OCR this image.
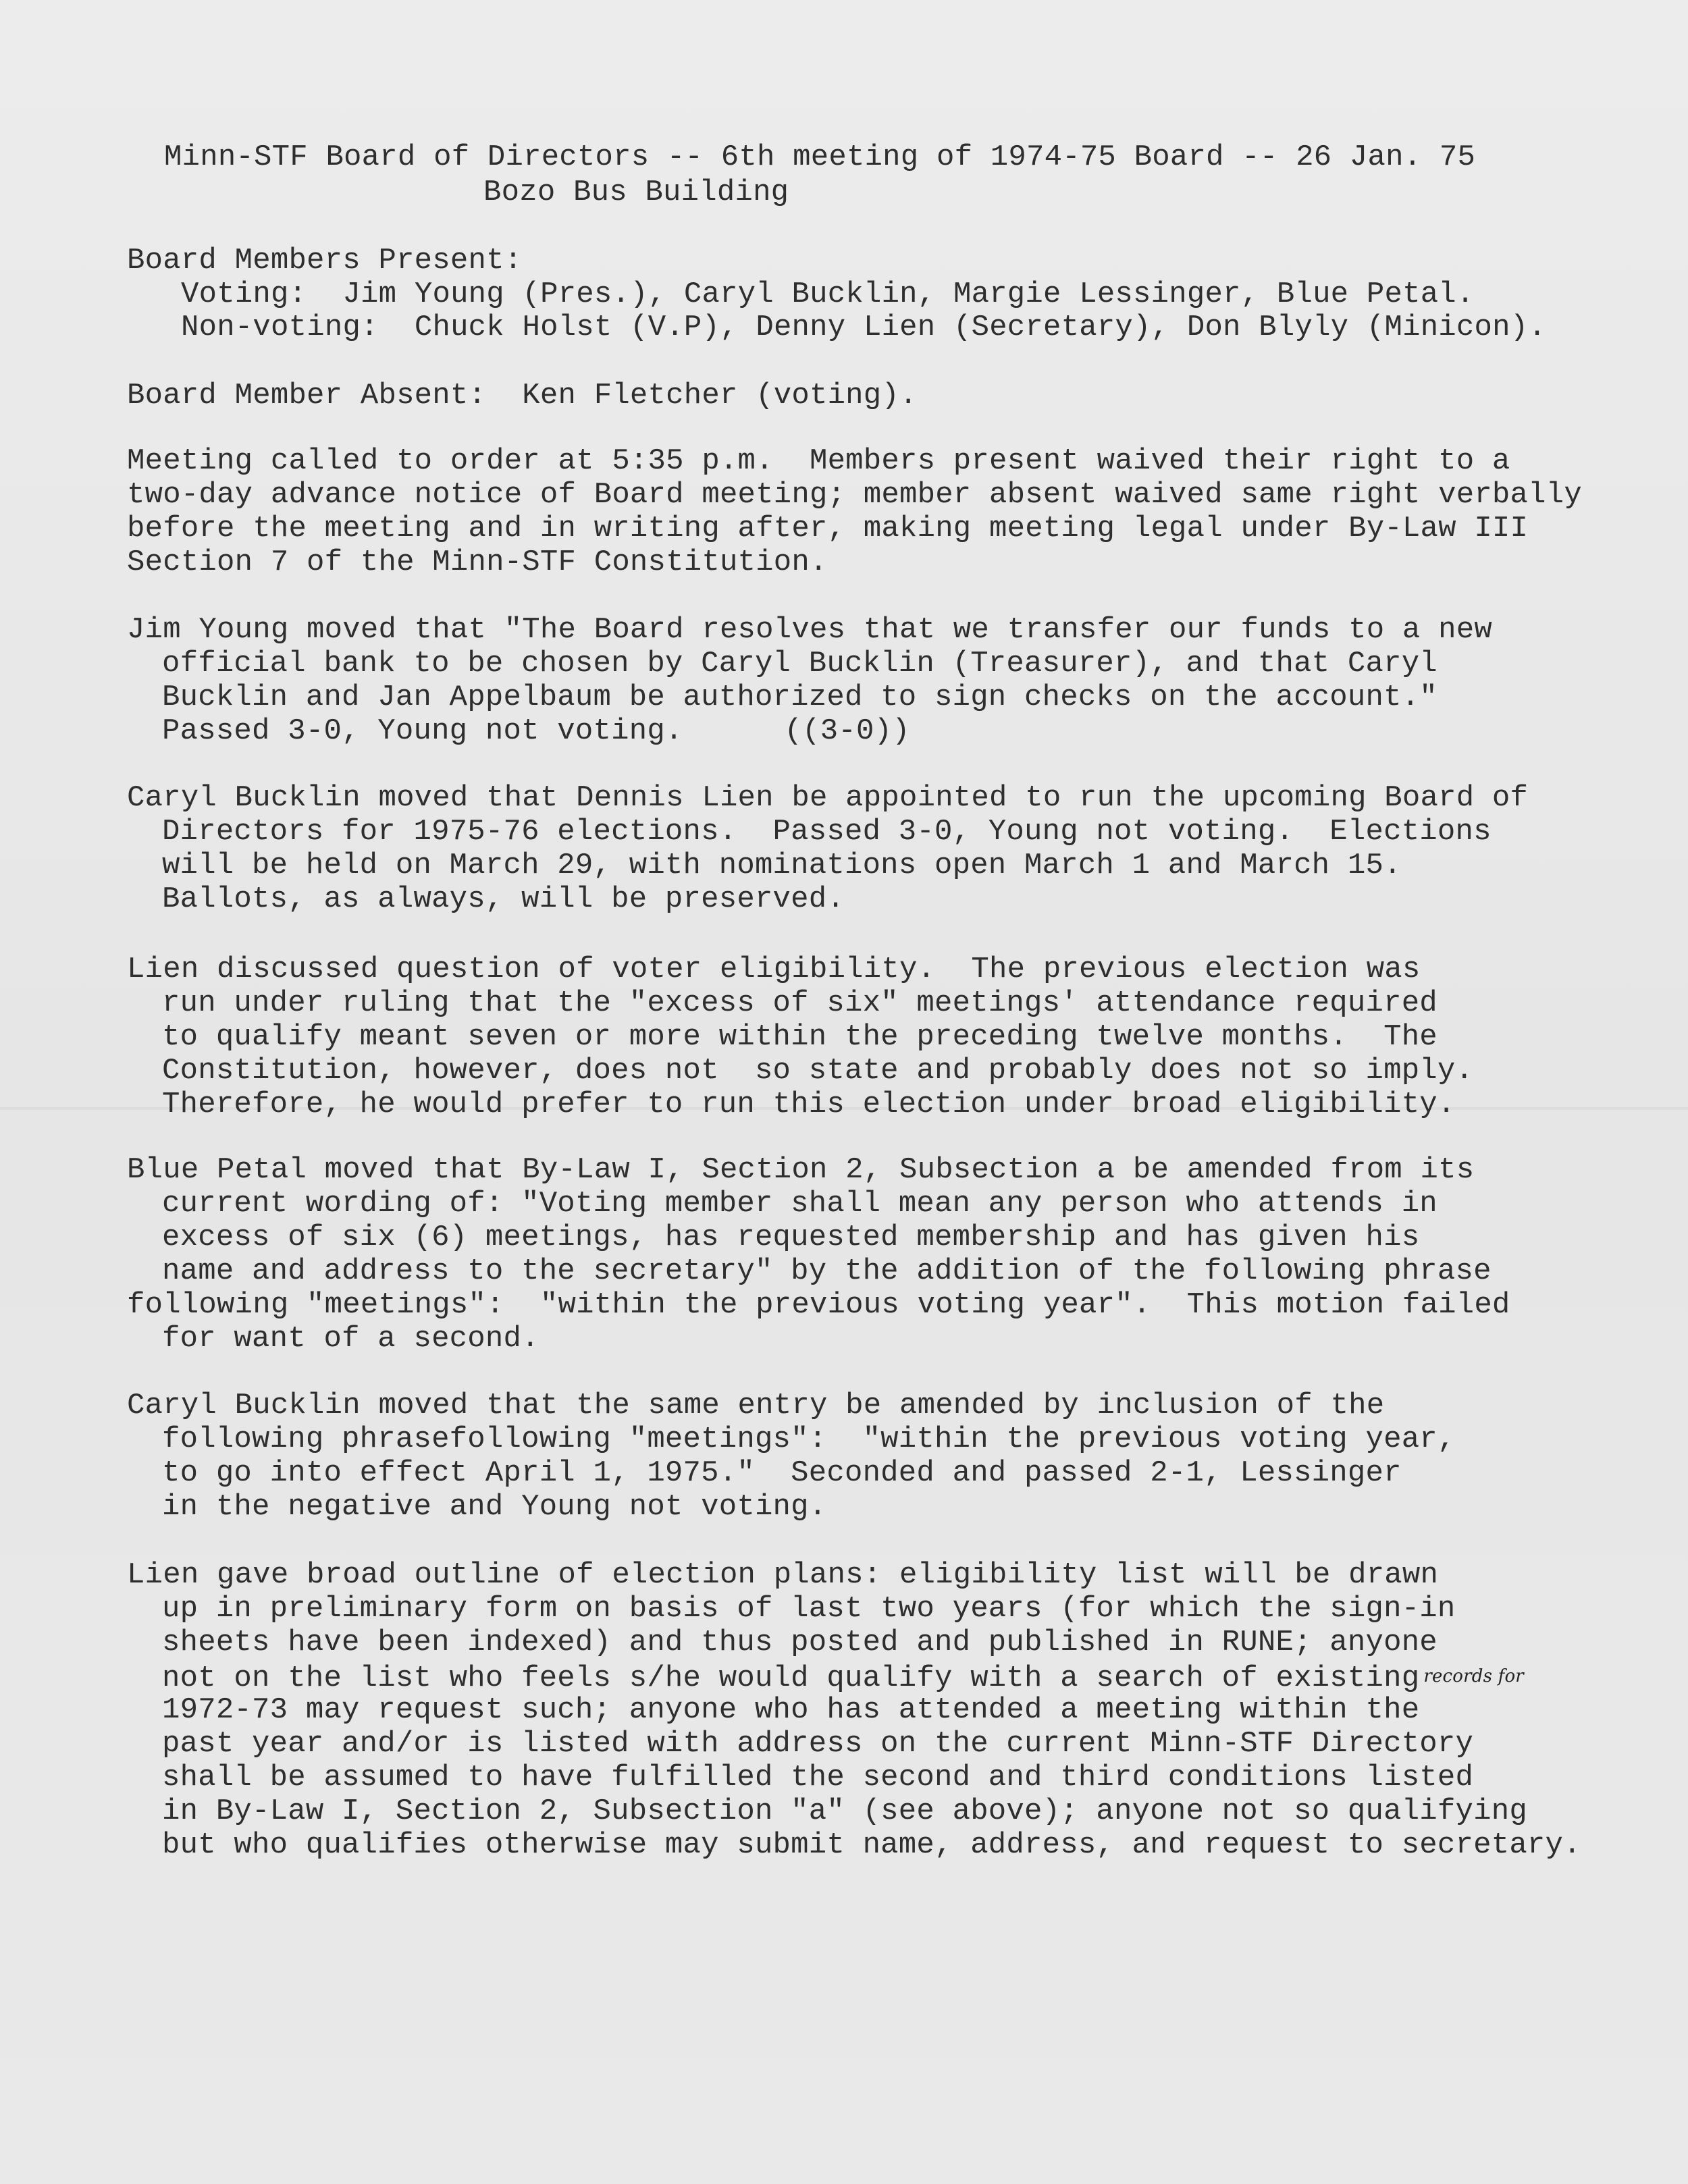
Minn-STF Board of Directors -- 6th meeting of 1974-75 Board -- 26 Jan. 75
Bozo Bus Building
Board Members Present:
Voting:  Jim Young (Pres.), Caryl Bucklin, Margie Lessinger, Blue Petal.
Non-voting:  Chuck Holst (V.P), Denny Lien (Secretary), Don Blyly (Minicon).
Board Member Absent:  Ken Fletcher (voting).
Meeting called to order at 5:35 p.m.  Members present waived their right to a
two-day advance notice of Board meeting; member absent waived same right verbally
before the meeting and in writing after, making meeting legal under By-Law III
Section 7 of the Minn-STF Constitution.
Jim Young moved that "The Board resolves that we transfer our funds to a new
official bank to be chosen by Caryl Bucklin (Treasurer), and that Caryl
Bucklin and Jan Appelbaum be authorized to sign checks on the account."
Passed 3-0, Young not voting.	((3-0))
Caryl Bucklin moved that Dennis Lien be appointed to run the upcoming Board of
Directors for 1975-76 elections.  Passed 3-0, Young not voting.  Elections
will be held on March 29, with nominations open March 1 and March 15.
Ballots, as always, will be preserved.
Lien discussed question of voter eligibility.  The previous election was
run under ruling that the "excess of six" meetings' attendance required
to qualify meant seven or more within the preceding twelve months.  The
Constitution, however, does not  so state and probably does not so imply.
Therefore, he would prefer to run this election under broad eligibility.
Blue Petal moved that By-Law I, Section 2, Subsection a be amended from its
current wording of: "Voting member shall mean any person who attends in
excess of six (6) meetings, has requested membership and has given his
name and address to the secretary" by the addition of the following phrase
following "meetings":  "within the previous voting year".  This motion failed
for want of a second.
Caryl Bucklin moved that the same entry be amended by inclusion of the
following phrasefollowing "meetings":  "within the previous voting year,
to go into effect April 1, 1975."  Seconded and passed 2-1, Lessinger
in the negative and Young not voting.
Lien gave broad outline of election plans: eligibility list will be drawn
up in preliminary form on basis of last two years (for which the sign-in
sheets have been indexed) and thus posted and published in RUNE; anyone
not on the list who feels s/he would qualify with a search of existing records for
1972-73 may request such; anyone who has attended a meeting within the
past year and/or is listed with address on the current Minn-STF Directory
shall be assumed to have fulfilled the second and third conditions listed
in By-Law I, Section 2, Subsection "a" (see above); anyone not so qualifying
but who qualifies otherwise may submit name, address, and request to secretary.
